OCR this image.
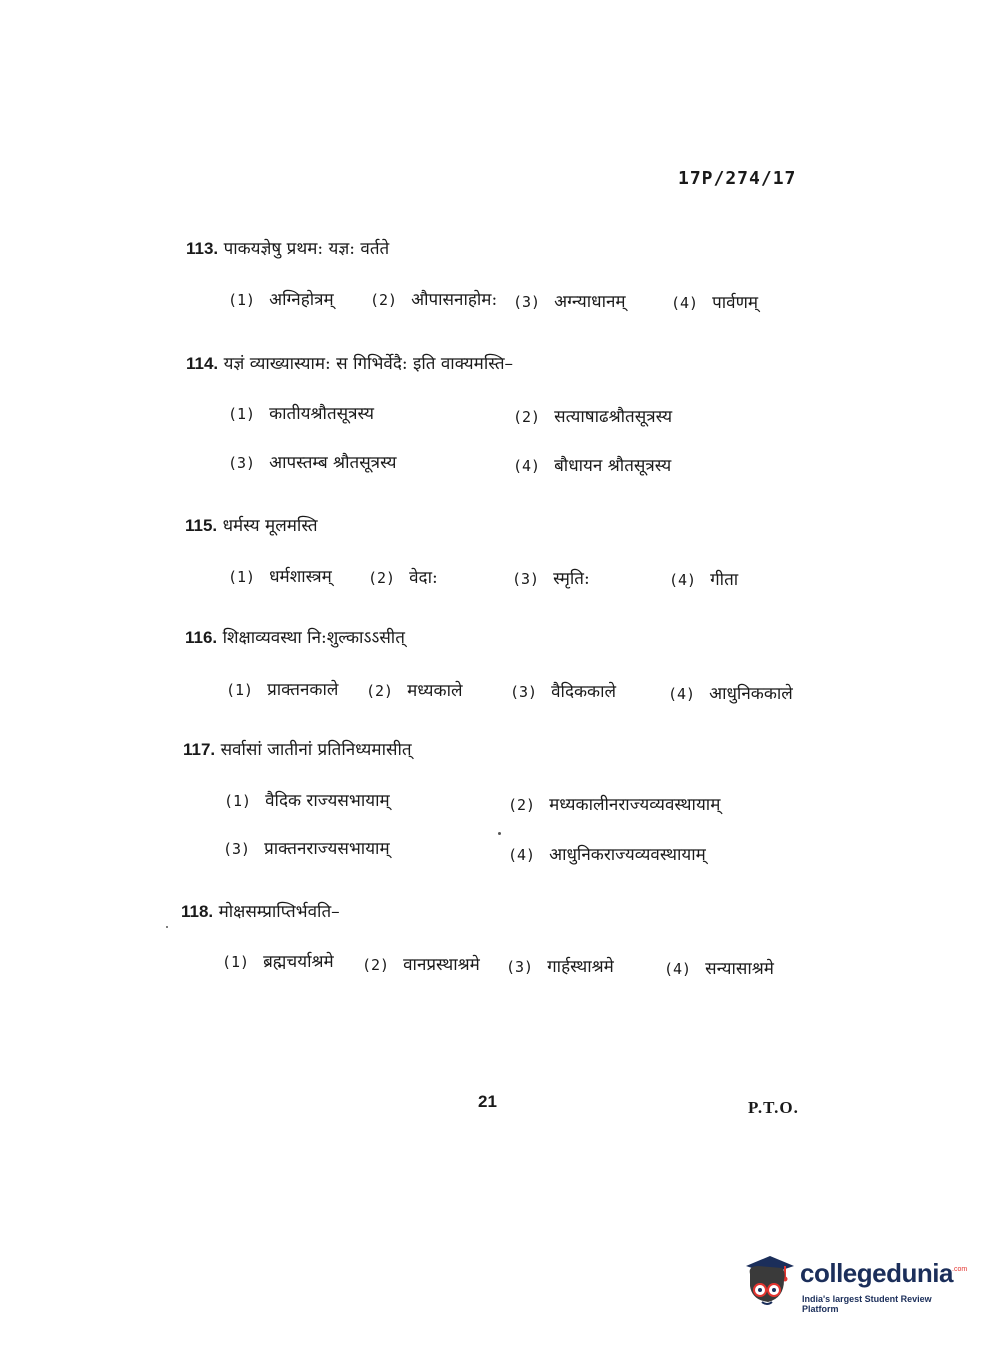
17P/274/17
113. पाकयज्ञेषु प्रथम: यज्ञ: वर्तते
(1) अग्निहोत्रम् (2) औपासनाहोम: (3) अग्न्याधानम्	(4) पार्वणम्
114. यज्ञं व्याख्यास्याम: स गिभिर्वेदै: इति वाक्यमस्ति–
(1) कातीयश्रौतसूत्रस्य	(2) सत्याषाढश्रौतसूत्रस्य
(3) आपस्तम्ब श्रौतसूत्रस्य	(4) बौधायन श्रौतसूत्रस्य
115. धर्मस्य मूलमस्ति
(1) धर्मशास्त्रम् (2) वेदा:	(3) स्मृति:	(4) गीता
116. शिक्षाव्यवस्था नि:शुल्काऽऽसीत्
(1) प्राक्तनकाले (2) मध्यकाले	(3) वैदिककाले	(4) आधुनिककाले
117. सर्वासां जातीनां प्रतिनिध्यमासीत्
(1) वैदिक राज्यसभायाम्	(2) मध्यकालीनराज्यव्यवस्थायाम्
(3) प्राक्तनराज्यसभायाम्	(4) आधुनिकराज्यव्यवस्थायाम्
118. मोक्षसम्प्राप्तिर्भवति–
(1) ब्रह्मचर्याश्रमे (2) वानप्रस्थाश्रमे (3) गार्हस्थाश्रमे	(4) सन्यासाश्रमे
21	P.T.O.
collegedunia .com
India's largest Student Review Platform
